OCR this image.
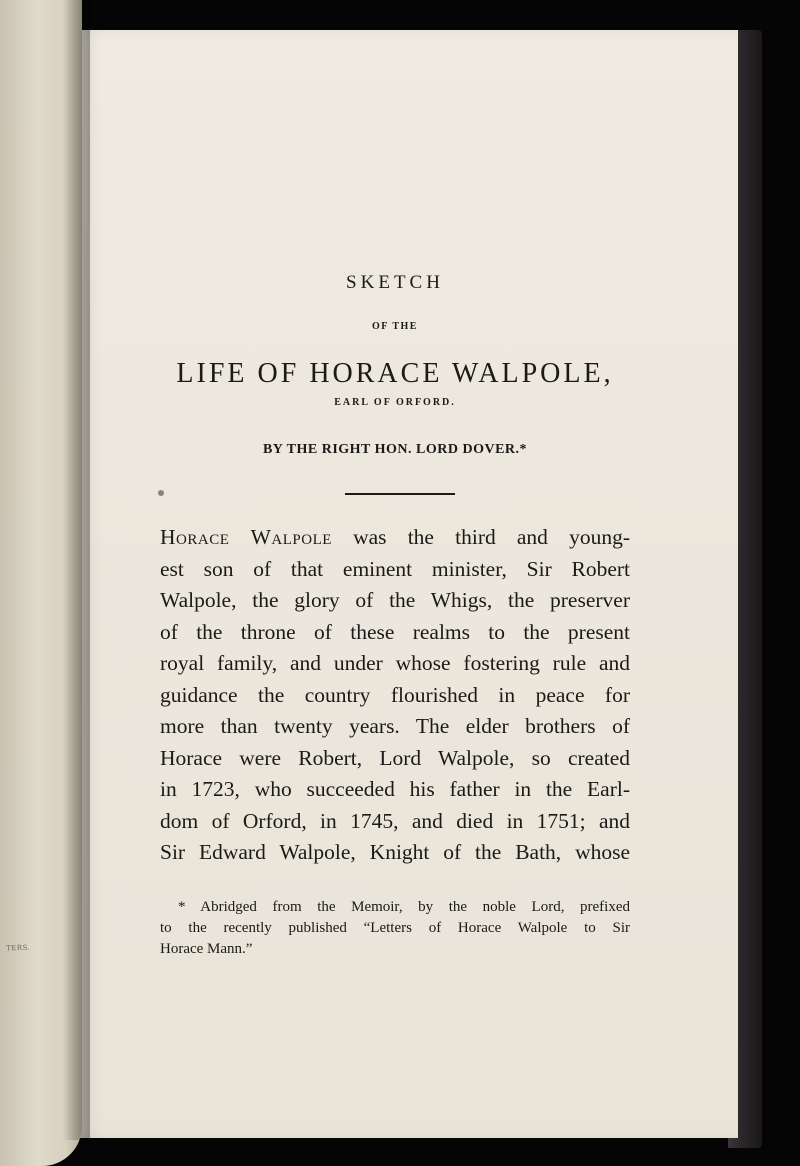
SKETCH
OF THE
LIFE OF HORACE WALPOLE,
EARL OF ORFORD.
BY THE RIGHT HON. LORD DOVER.*
Horace Walpole was the third and young-
est son of that eminent minister, Sir Robert
Walpole, the glory of the Whigs, the preserver
of the throne of these realms to the present
royal family, and under whose fostering rule and
guidance the country flourished in peace for
more than twenty years. The elder brothers of
Horace were Robert, Lord Walpole, so created
in 1723, who succeeded his father in the Earl-
dom of Orford, in 1745, and died in 1751; and
Sir Edward Walpole, Knight of the Bath, whose
* Abridged from the Memoir, by the noble Lord, prefixed
to the recently published “Letters of Horace Walpole to Sir
Horace Mann.”
TERS.
